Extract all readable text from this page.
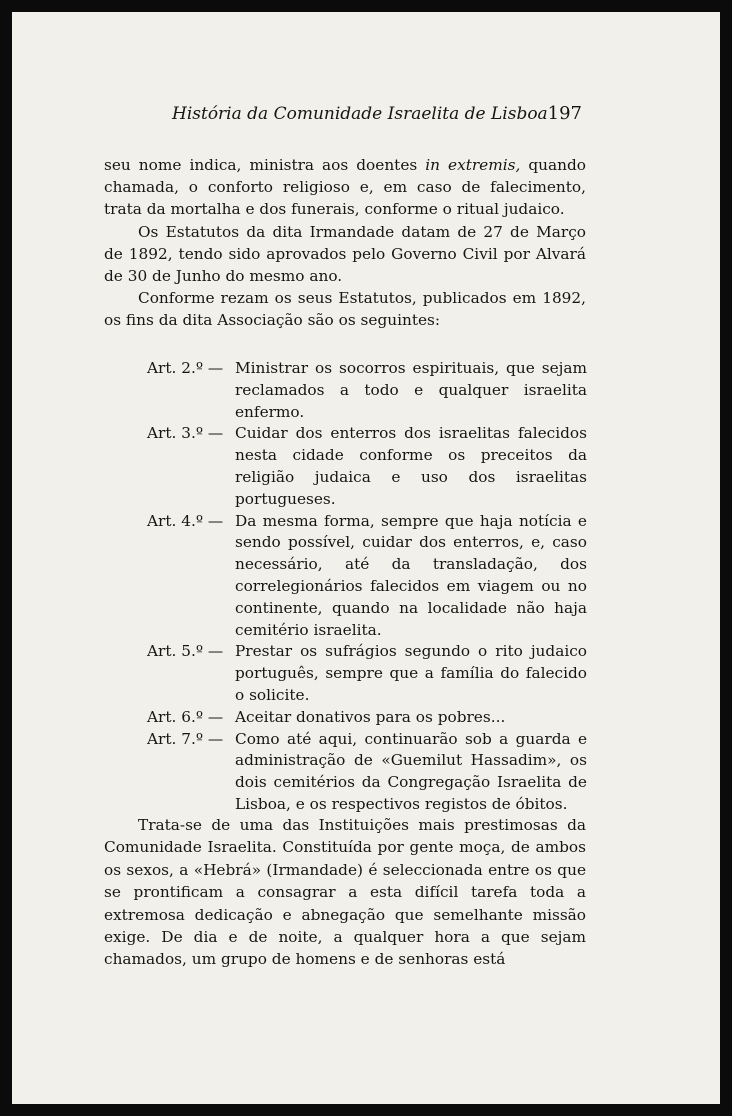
História da Comunidade Israelita de Lisboa 197

seu nome indica, ministra aos doentes in extremis, quando chamada, o conforto religioso e, em caso de falecimento, trata da mortalha e dos funerais, conforme o ritual judaico.

Os Estatutos da dita Irmandade datam de 27 de Março de 1892, tendo sido aprovados pelo Governo Civil por Alvará de 30 de Junho do mesmo ano.

Conforme rezam os seus Estatutos, publicados em 1892, os fins da dita Associação são os seguintes:

Art. 2.º — Ministrar os socorros espirituais, que sejam reclamados a todo e qualquer israelita enfermo.
Art. 3.º — Cuidar dos enterros dos israelitas falecidos nesta cidade conforme os preceitos da religião judaica e uso dos israelitas portugueses.
Art. 4.º — Da mesma forma, sempre que haja notícia e sendo possível, cuidar dos enterros, e, caso necessário, até da transladação, dos correlegionários falecidos em viagem ou no continente, quando na localidade não haja cemitério israelita.
Art. 5.º — Prestar os sufrágios segundo o rito judaico português, sempre que a família do falecido o solicite.
Art. 6.º — Aceitar donativos para os pobres...
Art. 7.º — Como até aqui, continuarão sob a guarda e administração de «Guemilut Hassadim», os dois cemitérios da Congregação Israelita de Lisboa, e os respectivos registos de óbitos.

Trata-se de uma das Instituições mais prestimosas da Comunidade Israelita. Constituída por gente moça, de ambos os sexos, a «Hebrá» (Irmandade) é seleccionada entre os que se prontificam a consagrar a esta difícil tarefa toda a extremosa dedicação e abnegação que semelhante missão exige. De dia e de noite, a qualquer hora a que sejam chamados, um grupo de homens e de senhoras está
